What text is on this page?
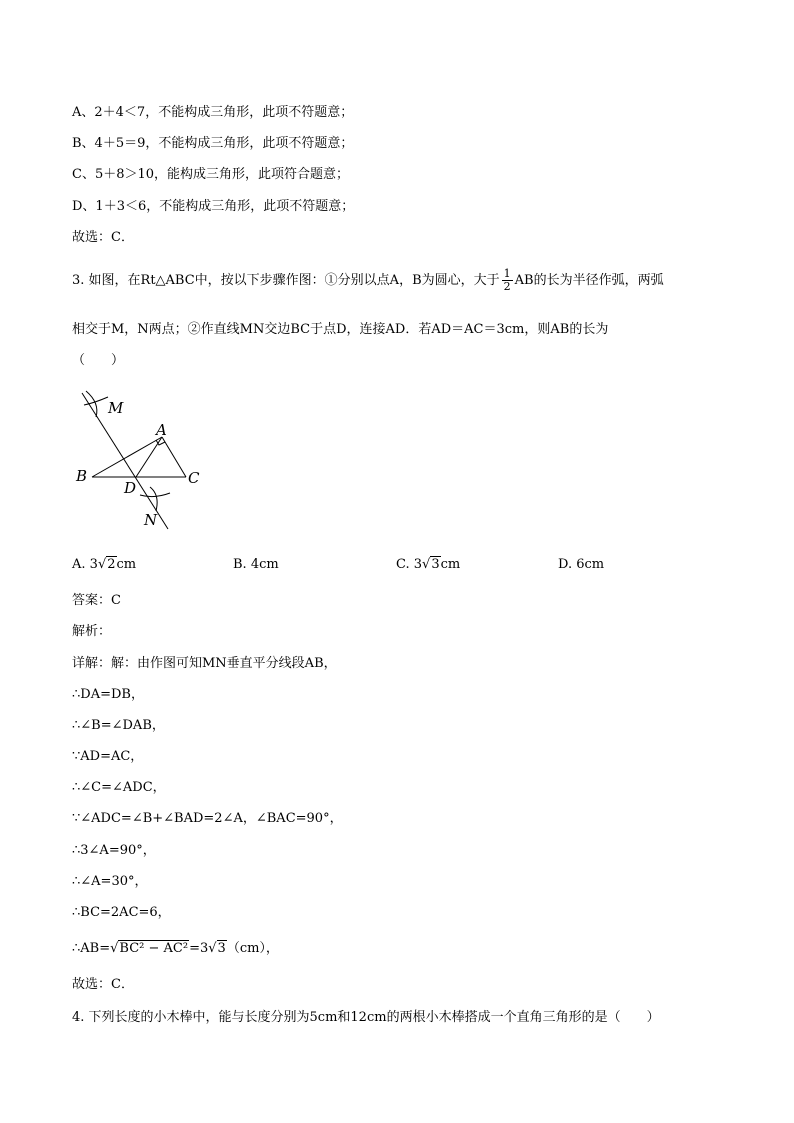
A、2＋4＜7，不能构成三角形，此项不符题意；
B、4＋5＝9，不能构成三角形，此项不符题意；
C、5＋8＞10，能构成三角形，此项符合题意；
D、1＋3＜6，不能构成三角形，此项不符题意；
故选：C．
3. 如图，在Rt△ABC中，按以下步骤作图：①分别以点A，B为圆心，大于 $\frac{1}{2}$ AB的长为半径作弧，两弧
相交于M，N两点；②作直线MN交边BC于点D，连接AD．若AD＝AC＝3cm，则AB的长为
（　　）
M
A
B	C
D
N
A. 3√2cm	B. 4cm	C. 3√3cm	D. 6cm
答案：C
解析：
详解：解：由作图可知MN垂直平分线段AB，
∴DA=DB，
∴∠B=∠DAB，
∵AD=AC，
∴∠C=∠ADC，
∵∠ADC=∠B+∠BAD=2∠A，∠BAC=90°，
∴3∠A=90°，
∴∠A=30°，
∴BC=2AC=6，
∴AB=√BC² − AC²=3√3（cm），
故选：C．
4. 下列长度的小木棒中，能与长度分别为5cm和12cm的两根小木棒搭成一个直角三角形的是（　　）
